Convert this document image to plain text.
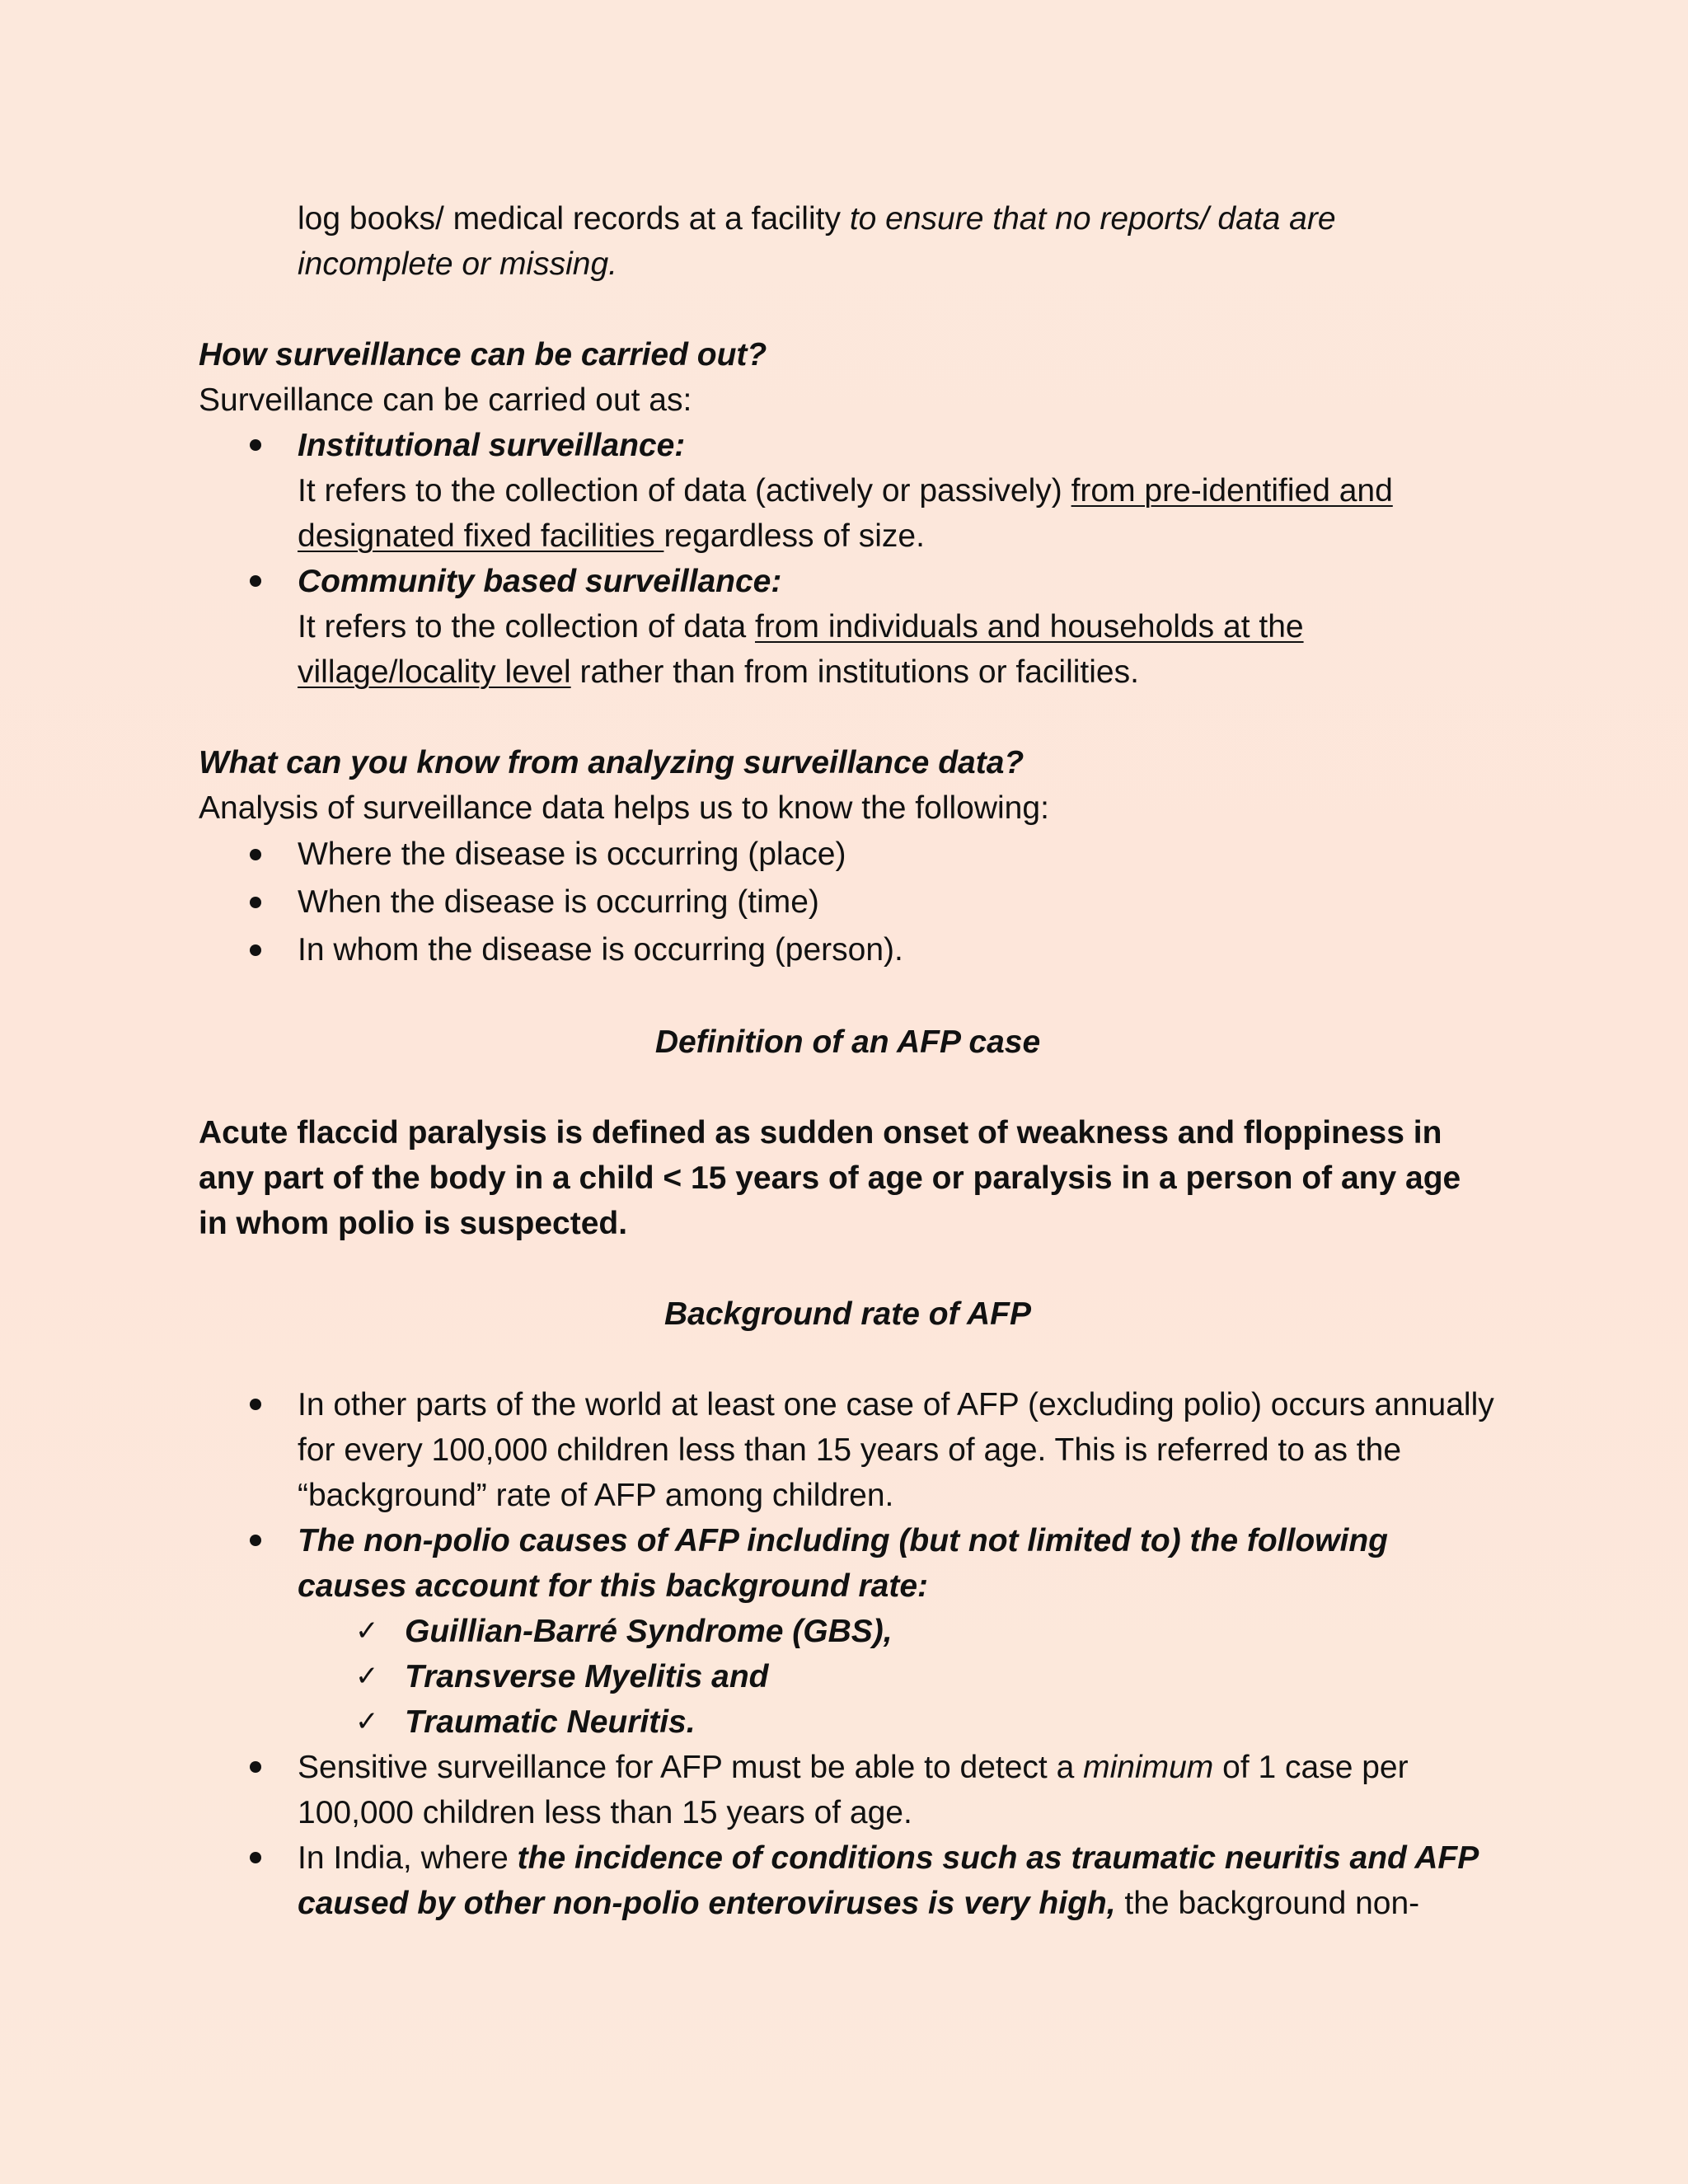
log books/ medical records at a facility to ensure that no reports/ data are incomplete or missing.

How surveillance can be carried out?

Surveillance can be carried out as:

Institutional surveillance:
It refers to the collection of data (actively or passively) from pre-identified and designated fixed facilities regardless of size.
Community based surveillance:
It refers to the collection of data from individuals and households at the village/locality level rather than from institutions or facilities.

What can you know from analyzing surveillance data?

Analysis of surveillance data helps us to know the following:

Where the disease is occurring (place)
When the disease is occurring (time)
In whom the disease is occurring (person).

Definition of an AFP case

Acute flaccid paralysis is defined as sudden onset of weakness and floppiness in any part of the body in a child < 15 years of age or paralysis in a person of any age in whom polio is suspected.

Background rate of AFP

In other parts of the world at least one case of AFP (excluding polio) occurs annually for every 100,000 children less than 15 years of age. This is referred to as the “background” rate of AFP among children.
The non-polio causes of AFP including (but not limited to) the following causes account for this background rate:
✓ Guillian-Barré Syndrome (GBS),
✓ Transverse Myelitis and
✓ Traumatic Neuritis.
Sensitive surveillance for AFP must be able to detect a minimum of 1 case per 100,000 children less than 15 years of age.
In India, where the incidence of conditions such as traumatic neuritis and AFP caused by other non-polio enteroviruses is very high, the background non-
